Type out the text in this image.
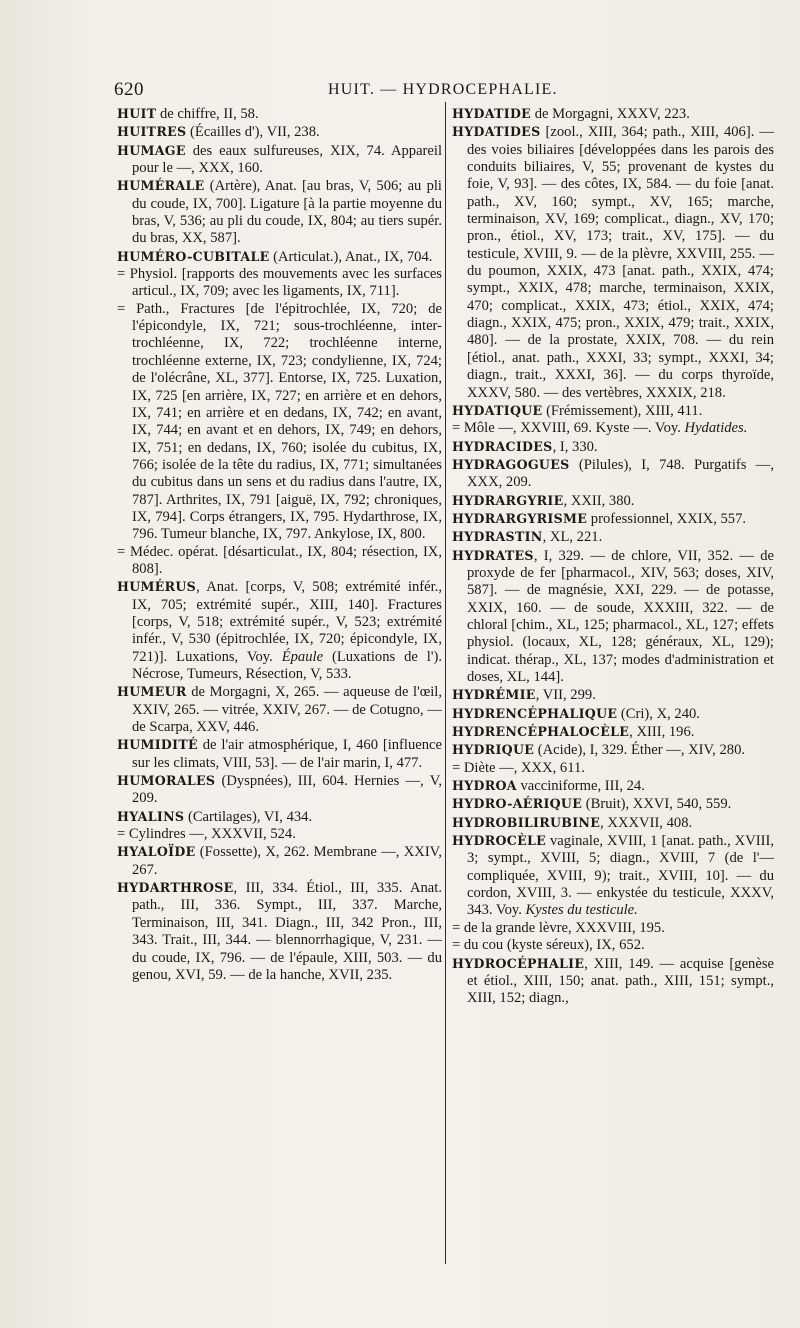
620	HUIT. — HYDROCEPHALIE.

HUIT de chiffre, II, 58.

HUITRES (Écailles d'), VII, 238.

HUMAGE des eaux sulfureuses, XIX, 74. Appareil pour le —, XXX, 160.

HUMÉRALE (Artère), Anat. [au bras, V, 506; au pli du coude, IX, 700]. Ligature [à la partie moyenne du bras, V, 536; au pli du coude, IX, 804; au tiers supér. du bras, XX, 587].

HUMÉRO-CUBITALE (Articulat.), Anat., IX, 704.

= Physiol. [rapports des mouvements avec les surfaces articul., IX, 709; avec les ligaments, IX, 711].

= Path., Fractures [de l'épitrochlée, IX, 720; de l'épicondyle, IX, 721; sous-trochléenne, inter-trochléenne, IX, 722; trochléenne interne, trochléenne externe, IX, 723; condylienne, IX, 724; de l'olécrâne, XL, 377]. Entorse, IX, 725. Luxation, IX, 725 [en arrière, IX, 727; en arrière et en dehors, IX, 741; en arrière et en dedans, IX, 742; en avant, IX, 744; en avant et en dehors, IX, 749; en dehors, IX, 751; en dedans, IX, 760; isolée du cubitus, IX, 766; isolée de la tête du radius, IX, 771; simultanées du cubitus dans un sens et du radius dans l'autre, IX, 787]. Arthrites, IX, 791 [aiguë, IX, 792; chroniques, IX, 794]. Corps étrangers, IX, 795. Hydarthrose, IX, 796. Tumeur blanche, IX, 797. Ankylose, IX, 800.

= Médec. opérat. [désarticulat., IX, 804; résection, IX, 808].

HUMÉRUS, Anat. [corps, V, 508; extrémité infér., IX, 705; extrémité supér., XIII, 140]. Fractures [corps, V, 518; extrémité supér., V, 523; extrémité infér., V, 530 (épitrochlée, IX, 720; épicondyle, IX, 721)]. Luxations, Voy. Épaule (Luxations de l'). Nécrose, Tumeurs, Résection, V, 533.

HUMEUR de Morgagni, X, 265. — aqueuse de l'œil, XXIV, 265. — vitrée, XXIV, 267. — de Cotugno, — de Scarpa, XXV, 446.

HUMIDITÉ de l'air atmosphérique, I, 460 [influence sur les climats, VIII, 53]. — de l'air marin, I, 477.

HUMORALES (Dyspnées), III, 604. Hernies —, V, 209.

HYALINS (Cartilages), VI, 434.

= Cylindres —, XXXVII, 524.

HYALOÏDE (Fossette), X, 262. Membrane —, XXIV, 267.

HYDARTHROSE, III, 334. Étiol., III, 335. Anat. path., III, 336. Sympt., III, 337. Marche, Terminaison, III, 341. Diagn., III, 342 Pron., III, 343. Trait., III, 344. — blennorrhagique, V, 231. — du coude, IX, 796. — de l'épaule, XIII, 503. — du genou, XVI, 59. — de la hanche, XVII, 235.

HYDATIDE de Morgagni, XXXV, 223.

HYDATIDES [zool., XIII, 364; path., XIII, 406]. — des voies biliaires [développées dans les parois des conduits biliaires, V, 55; provenant de kystes du foie, V, 93]. — des côtes, IX, 584. — du foie [anat. path., XV, 160; sympt., XV, 165; marche, terminaison, XV, 169; complicat., diagn., XV, 170; pron., étiol., XV, 173; trait., XV, 175]. — du testicule, XVIII, 9. — de la plèvre, XXVIII, 255. — du poumon, XXIX, 473 [anat. path., XXIX, 474; sympt., XXIX, 478; marche, terminaison, XXIX, 470; complicat., XXIX, 473; étiol., XXIX, 474; diagn., XXIX, 475; pron., XXIX, 479; trait., XXIX, 480]. — de la prostate, XXIX, 708. — du rein [étiol., anat. path., XXXI, 33; sympt., XXXI, 34; diagn., trait., XXXI, 36]. — du corps thyroïde, XXXV, 580. — des vertèbres, XXXIX, 218.

HYDATIQUE (Frémissement), XIII, 411.

= Môle —, XXVIII, 69. Kyste —. Voy. Hydatides.

HYDRACIDES, I, 330.

HYDRAGOGUES (Pilules), I, 748. Purgatifs —, XXX, 209.

HYDRARGYRIE, XXII, 380.

HYDRARGYRISME professionnel, XXIX, 557.

HYDRASTIN, XL, 221.

HYDRATES, I, 329. — de chlore, VII, 352. — de proxyde de fer [pharmacol., XIV, 563; doses, XIV, 587]. — de magnésie, XXI, 229. — de potasse, XXIX, 160. — de soude, XXXIII, 322. — de chloral [chim., XL, 125; pharmacol., XL, 127; effets physiol. (locaux, XL, 128; généraux, XL, 129); indicat. thérap., XL, 137; modes d'administration et doses, XL, 144].

HYDRÉMIE, VII, 299.

HYDRENCÉPHALIQUE (Cri), X, 240.

HYDRENCÉPHALOCÈLE, XIII, 196.

HYDRIQUE (Acide), I, 329. Éther —, XIV, 280.

= Diète —, XXX, 611.

HYDROA vacciniforme, III, 24.

HYDRO-AÉRIQUE (Bruit), XXVI, 540, 559.

HYDROBILIRUBINE, XXXVII, 408.

HYDROCÈLE vaginale, XVIII, 1 [anat. path., XVIII, 3; sympt., XVIII, 5; diagn., XVIII, 7 (de l'— compliquée, XVIII, 9); trait., XVIII, 10]. — du cordon, XVIII, 3. — enkystée du testicule, XXXV, 343. Voy. Kystes du testicule.

= de la grande lèvre, XXXVIII, 195.

= du cou (kyste séreux), IX, 652.

HYDROCÉPHALIE, XIII, 149. — acquise [genèse et étiol., XIII, 150; anat. path., XIII, 151; sympt., XIII, 152; diagn.,
